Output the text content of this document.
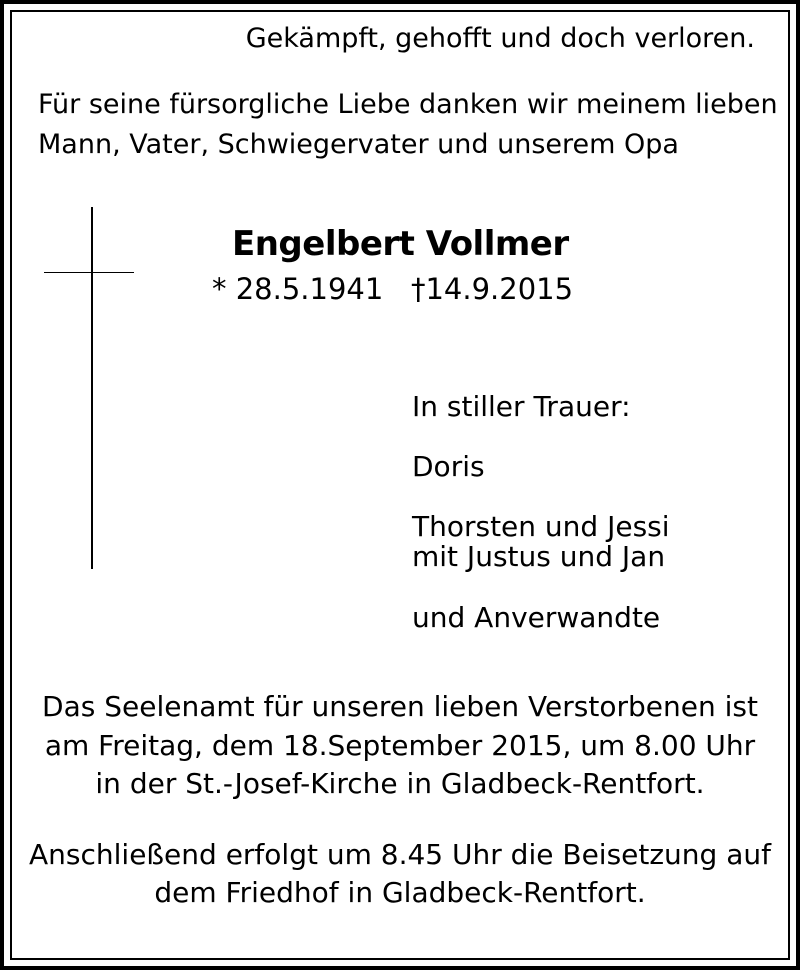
Gekämpft, gehofft und doch verloren.
Für seine fürsorgliche Liebe danken wir meinem lieben
Mann, Vater, Schwiegervater und unserem Opa
Engelbert Vollmer
* 28.5.1941   †14.9.2015
In stiller Trauer:
Doris
Thorsten und Jessi
mit Justus und Jan
und Anverwandte
Das Seelenamt für unseren lieben Verstorbenen ist
am Freitag, dem 18.September 2015, um 8.00 Uhr
in der St.-Josef-Kirche in Gladbeck-Rentfort.
Anschließend erfolgt um 8.45 Uhr die Beisetzung auf
dem Friedhof in Gladbeck-Rentfort.
